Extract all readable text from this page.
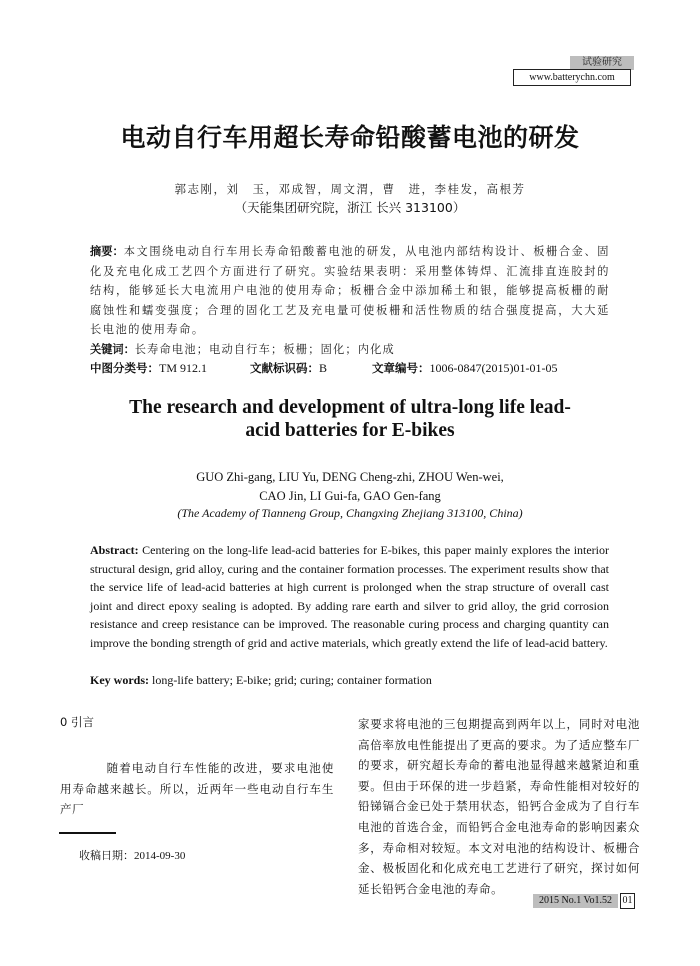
试验研究
www.batterychn.com
电动自行车用超长寿命铅酸蓄电池的研发
郭志刚，刘　玉，邓成智，周文渭，曹　进，李桂发，高根芳
（天能集团研究院，浙江 长兴 313100）
摘要：本文围绕电动自行车用长寿命铅酸蓄电池的研发，从电池内部结构设计、板栅合金、固化及充电化成工艺四个方面进行了研究。实验结果表明：采用整体铸焊、汇流排直连胶封的结构，能够延长大电流用户电池的使用寿命；板栅合金中添加稀土和银，能够提高板栅的耐腐蚀性和蠕变强度；合理的固化工艺及充电量可使板栅和活性物质的结合强度提高，大大延长电池的使用寿命。
关键词：长寿命电池；电动自行车；板栅；固化；内化成
中图分类号：TM 912.1	文献标识码：B	文章编号：1006-0847(2015)01-01-05
The research and development of ultra-long life lead-acid batteries for E-bikes
GUO Zhi-gang, LIU Yu, DENG Cheng-zhi, ZHOU Wen-wei,
CAO Jin, LI Gui-fa, GAO Gen-fang
(The Academy of Tianneng Group, Changxing Zhejiang 313100, China)
Abstract: Centering on the long-life lead-acid batteries for E-bikes, this paper mainly explores the interior structural design, grid alloy, curing and the container formation processes. The experiment results show that the service life of lead-acid batteries at high current is prolonged when the strap structure of overall cast joint and direct epoxy sealing is adopted. By adding rare earth and silver to grid alloy, the grid corrosion resistance and creep resistance can be improved. The reasonable curing process and charging quantity can improve the bonding strength of grid and active materials, which greatly extend the life of lead-acid battery.
Key words: long-life battery; E-bike; grid; curing; container formation
0 引言
随着电动自行车性能的改进，要求电池使用寿命越来越长。所以，近两年一些电动自行车生产厂
家要求将电池的三包期提高到两年以上，同时对电池高倍率放电性能提出了更高的要求。为了适应整车厂的要求，研究超长寿命的蓄电池显得越来越紧迫和重要。但由于环保的进一步趋紧，寿命性能相对较好的铅锑镉合金已处于禁用状态，铅钙合金成为了自行车电池的首选合金，而铅钙合金电池寿命的影响因素众多，寿命相对较短。本文对电池的结构设计、板栅合金、极板固化和化成充电工艺进行了研究，探讨如何延长铅钙合金电池的寿命。
收稿日期：2014-09-30
2015 No.1 Vo1.52	01
